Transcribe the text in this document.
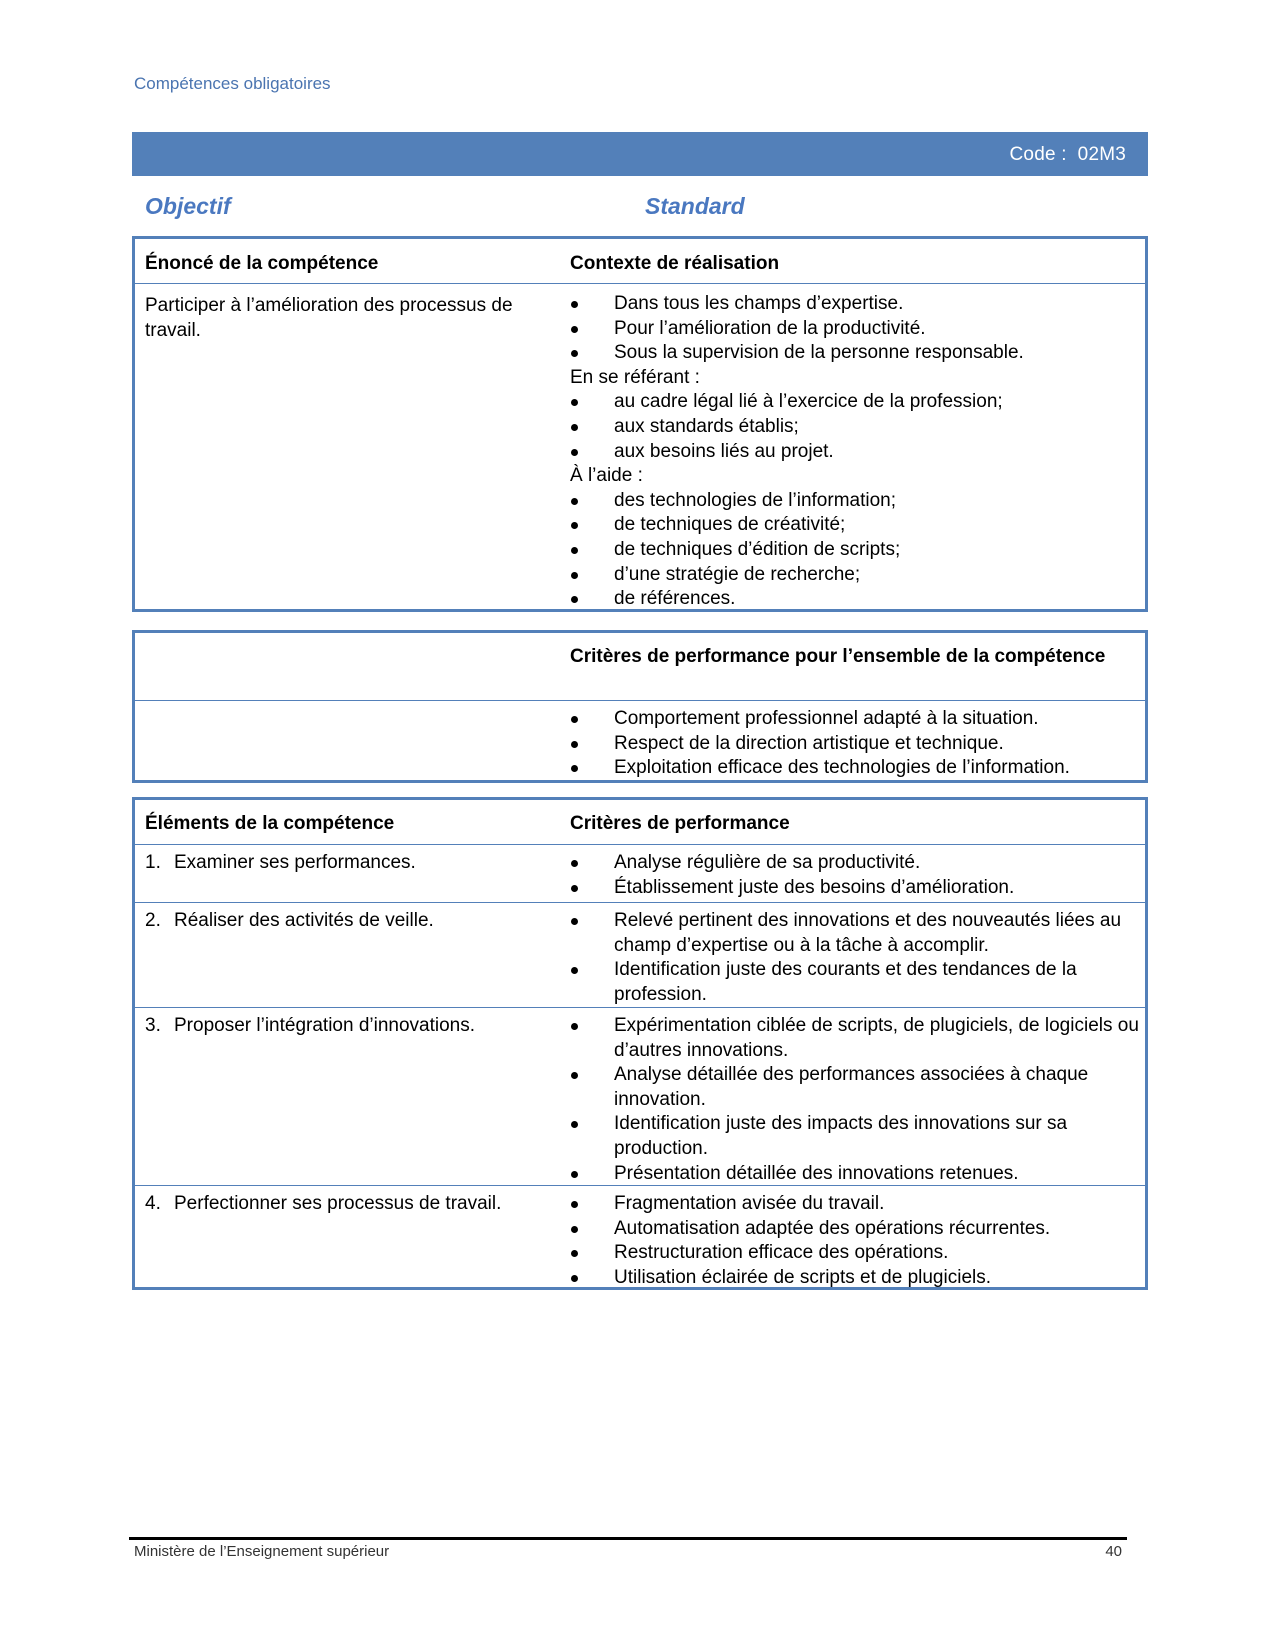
Compétences obligatoires
Code : 02M3
Objectif	Standard
Énoncé de la compétence	Contexte de réalisation
Participer à l’amélioration des processus de travail.
Dans tous les champs d’expertise.
Pour l’amélioration de la productivité.
Sous la supervision de la personne responsable.
En se référant :
au cadre légal lié à l’exercice de la profession;
aux standards établis;
aux besoins liés au projet.
À l’aide :
des technologies de l’information;
de techniques de créativité;
de techniques d’édition de scripts;
d’une stratégie de recherche;
de références.
Critères de performance pour l’ensemble de la compétence
Comportement professionnel adapté à la situation.
Respect de la direction artistique et technique.
Exploitation efficace des technologies de l’information.
Éléments de la compétence	Critères de performance
1. Examiner ses performances.	Analyse régulière de sa productivité.
Établissement juste des besoins d’amélioration.
2. Réaliser des activités de veille.	Relevé pertinent des innovations et des nouveautés liées au champ d’expertise ou à la tâche à accomplir.
Identification juste des courants et des tendances de la profession.
3. Proposer l’intégration d’innovations.	Expérimentation ciblée de scripts, de plugiciels, de logiciels ou d’autres innovations.
Analyse détaillée des performances associées à chaque innovation.
Identification juste des impacts des innovations sur sa production.
Présentation détaillée des innovations retenues.
4. Perfectionner ses processus de travail.	Fragmentation avisée du travail.
Automatisation adaptée des opérations récurrentes.
Restructuration efficace des opérations.
Utilisation éclairée de scripts et de plugiciels.
Ministère de l’Enseignement supérieur	40
